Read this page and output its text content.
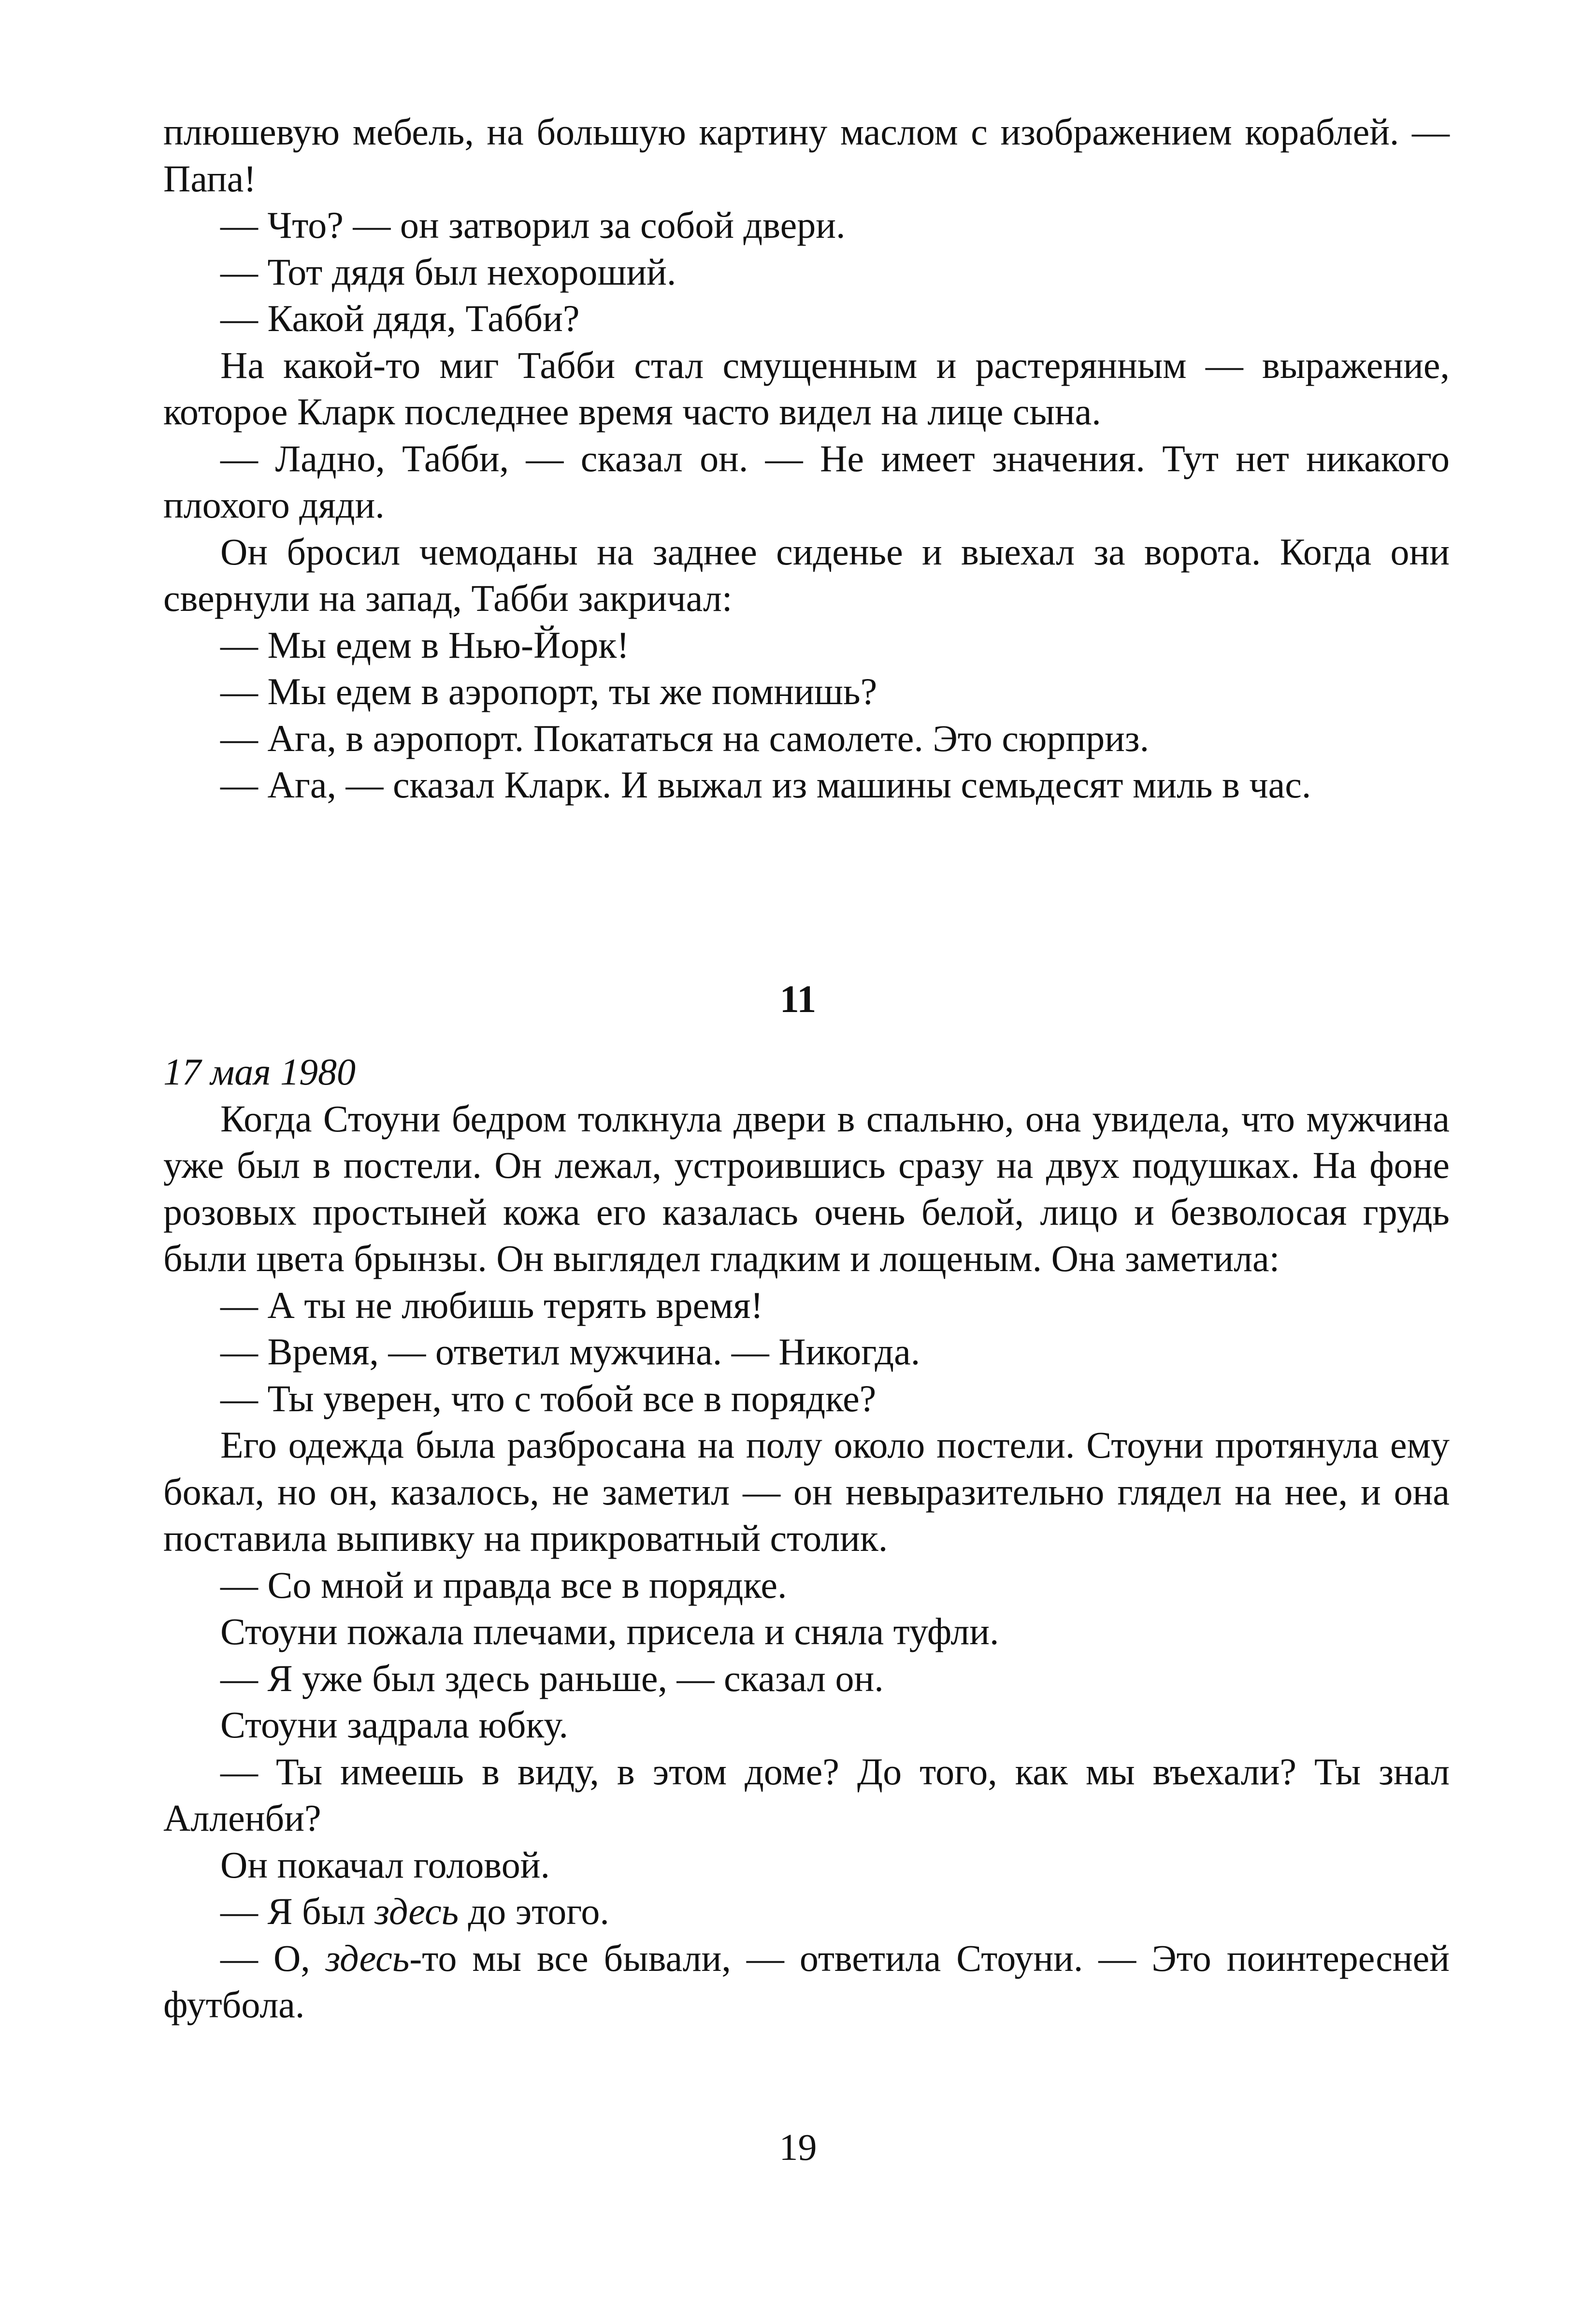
плюшевую мебель, на большую картину маслом с изображением кораблей. — Папа!

— Что? — он затворил за собой двери.

— Тот дядя был нехороший.

— Какой дядя, Табби?

На какой-то миг Табби стал смущенным и растерянным — выражение, которое Кларк последнее время часто видел на лице сына.

— Ладно, Табби, — сказал он. — Не имеет значения. Тут нет никакого плохого дяди.

Он бросил чемоданы на заднее сиденье и выехал за ворота. Когда они свернули на запад, Табби закричал:

— Мы едем в Нью-Йорк!

— Мы едем в аэропорт, ты же помнишь?

— Ага, в аэропорт. Покататься на самолете. Это сюрприз.

— Ага, — сказал Кларк. И выжал из машины семьдесят миль в час.

11

17 мая 1980

Когда Стоуни бедром толкнула двери в спальню, она увидела, что мужчина уже был в постели. Он лежал, устроившись сразу на двух подушках. На фоне розовых простыней кожа его казалась очень белой, лицо и безволосая грудь были цвета брынзы. Он выглядел гладким и лощеным. Она заметила:

— А ты не любишь терять время!

— Время, — ответил мужчина. — Никогда.

— Ты уверен, что с тобой все в порядке?

Его одежда была разбросана на полу около постели. Стоуни протянула ему бокал, но он, казалось, не заметил — он невыразительно глядел на нее, и она поставила выпивку на прикроватный столик.

— Со мной и правда все в порядке.

Стоуни пожала плечами, присела и сняла туфли.

— Я уже был здесь раньше, — сказал он.

Стоуни задрала юбку.

— Ты имеешь в виду, в этом доме? До того, как мы въехали? Ты знал Алленби?

Он покачал головой.

— Я был здесь до этого.

— О, здесь-то мы все бывали, — ответила Стоуни. — Это поинтересней футбола.

19
